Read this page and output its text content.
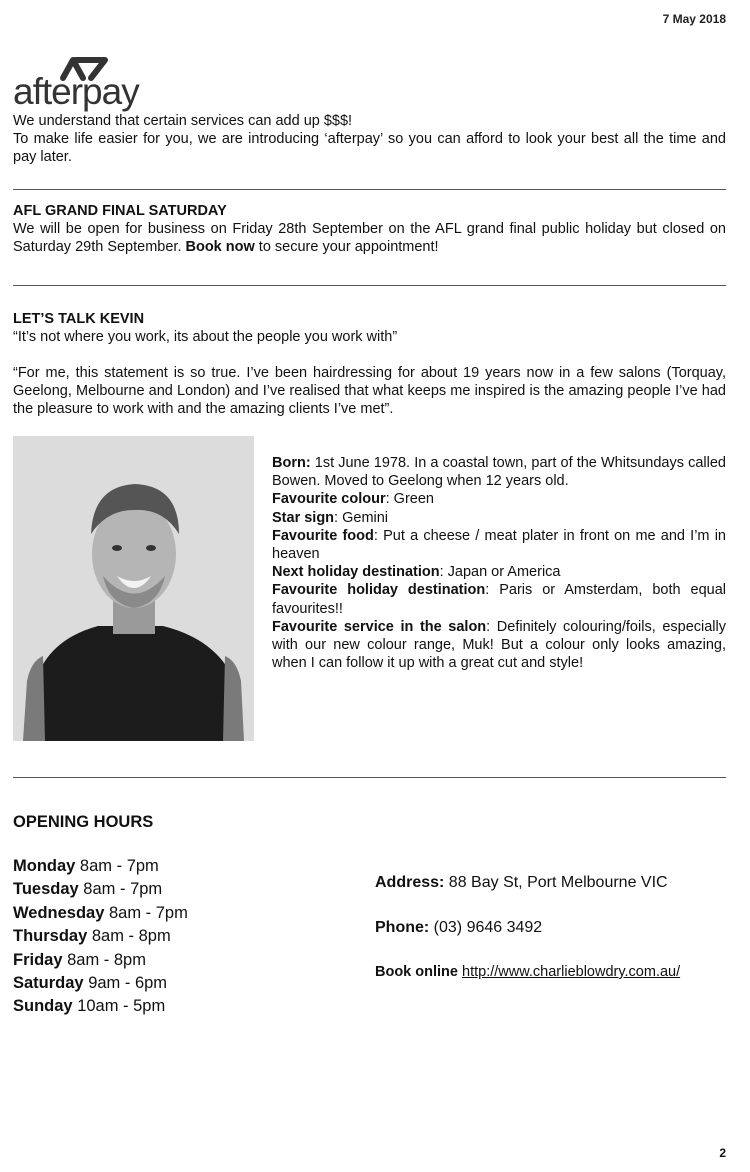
7 May 2018
afterpay

We understand that certain services can add up $$$!

To make life easier for you, we are introducing ‘afterpay’ so you can afford to look your best all the time and pay later.

AFL GRAND FINAL SATURDAY

We will be open for business on Friday 28th September on the AFL grand final public holiday but closed on Saturday 29th September. Book now to secure your appointment!

LET’S TALK KEVIN

“It’s not where you work, its about the people you work with”

“For me, this statement is so true. I’ve been hairdressing for about 19 years now in a few salons (Torquay, Geelong, Melbourne and London) and I’ve realised that what keeps me inspired is the amazing people I’ve had the pleasure to work with and the amazing clients I’ve met”.

Born: 1st June 1978. In a coastal town, part of the Whitsundays called Bowen. Moved to Geelong when 12 years old.

Favourite colour: Green

Star sign: Gemini

Favourite food: Put a cheese / meat plater in front on me and I’m in heaven

Next holiday destination: Japan or America

Favourite holiday destination: Paris or Amsterdam, both equal favourites!!

Favourite service in the salon: Definitely colouring/foils, especially with our new colour range, Muk! But a colour only looks amazing, when I can follow it up with a great cut and style!

OPENING HOURS
Monday 8am - 7pm
Tuesday 8am - 7pm
Wednesday 8am - 7pm
Thursday 8am - 8pm
Friday 8am - 8pm
Saturday 9am - 6pm
Sunday 10am - 5pm
Address: 88 Bay St, Port Melbourne VIC
Phone: (03) 9646 3492
Book online http://www.charlieblowdry.com.au/
2
